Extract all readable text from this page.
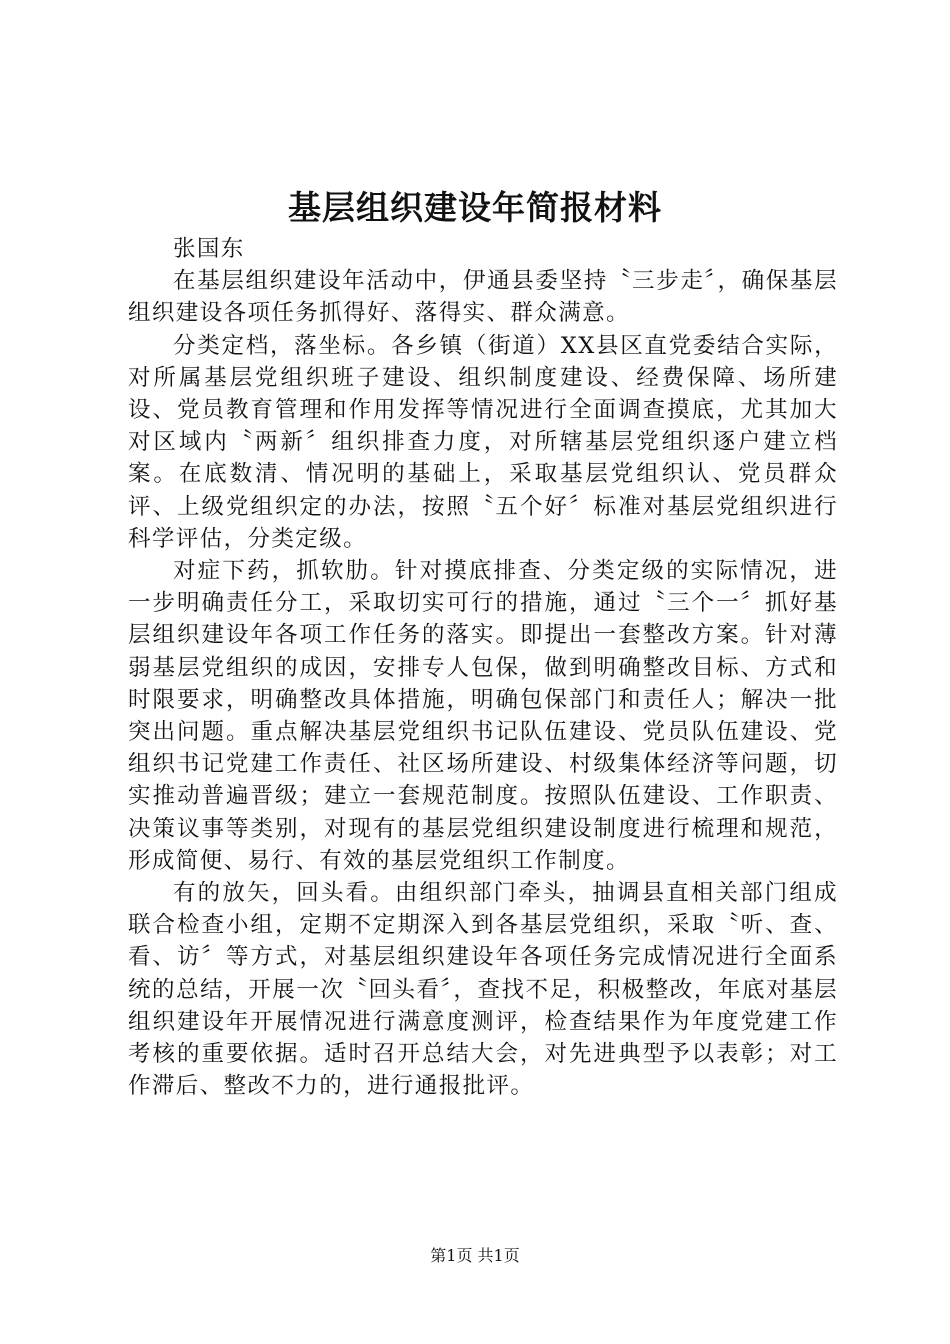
基层组织建设年简报材料

张国东

在基层组织建设年活动中，伊通县委坚持〝三步走〞，确保基层组织建设各项任务抓得好、落得实、群众满意。

分类定档，落坐标。各乡镇（街道）XX县区直党委结合实际，对所属基层党组织班子建设、组织制度建设、经费保障、场所建设、党员教育管理和作用发挥等情况进行全面调查摸底，尤其加大对区域内〝两新〞组织排查力度，对所辖基层党组织逐户建立档案。在底数清、情况明的基础上，采取基层党组织认、党员群众评、上级党组织定的办法，按照〝五个好〞标准对基层党组织进行科学评估，分类定级。

对症下药，抓软肋。针对摸底排查、分类定级的实际情况，进一步明确责任分工，采取切实可行的措施，通过〝三个一〞抓好基层组织建设年各项工作任务的落实。即提出一套整改方案。针对薄弱基层党组织的成因，安排专人包保，做到明确整改目标、方式和时限要求，明确整改具体措施，明确包保部门和责任人；解决一批突出问题。重点解决基层党组织书记队伍建设、党员队伍建设、党组织书记党建工作责任、社区场所建设、村级集体经济等问题，切实推动普遍晋级；建立一套规范制度。按照队伍建设、工作职责、决策议事等类别，对现有的基层党组织建设制度进行梳理和规范，形成简便、易行、有效的基层党组织工作制度。

有的放矢，回头看。由组织部门牵头，抽调县直相关部门组成联合检查小组，定期不定期深入到各基层党组织，采取〝听、查、看、访〞等方式，对基层组织建设年各项任务完成情况进行全面系统的总结，开展一次〝回头看〞，查找不足，积极整改，年底对基层组织建设年开展情况进行满意度测评，检查结果作为年度党建工作考核的重要依据。适时召开总结大会，对先进典型予以表彰；对工作滞后、整改不力的，进行通报批评。

第1页 共1页
